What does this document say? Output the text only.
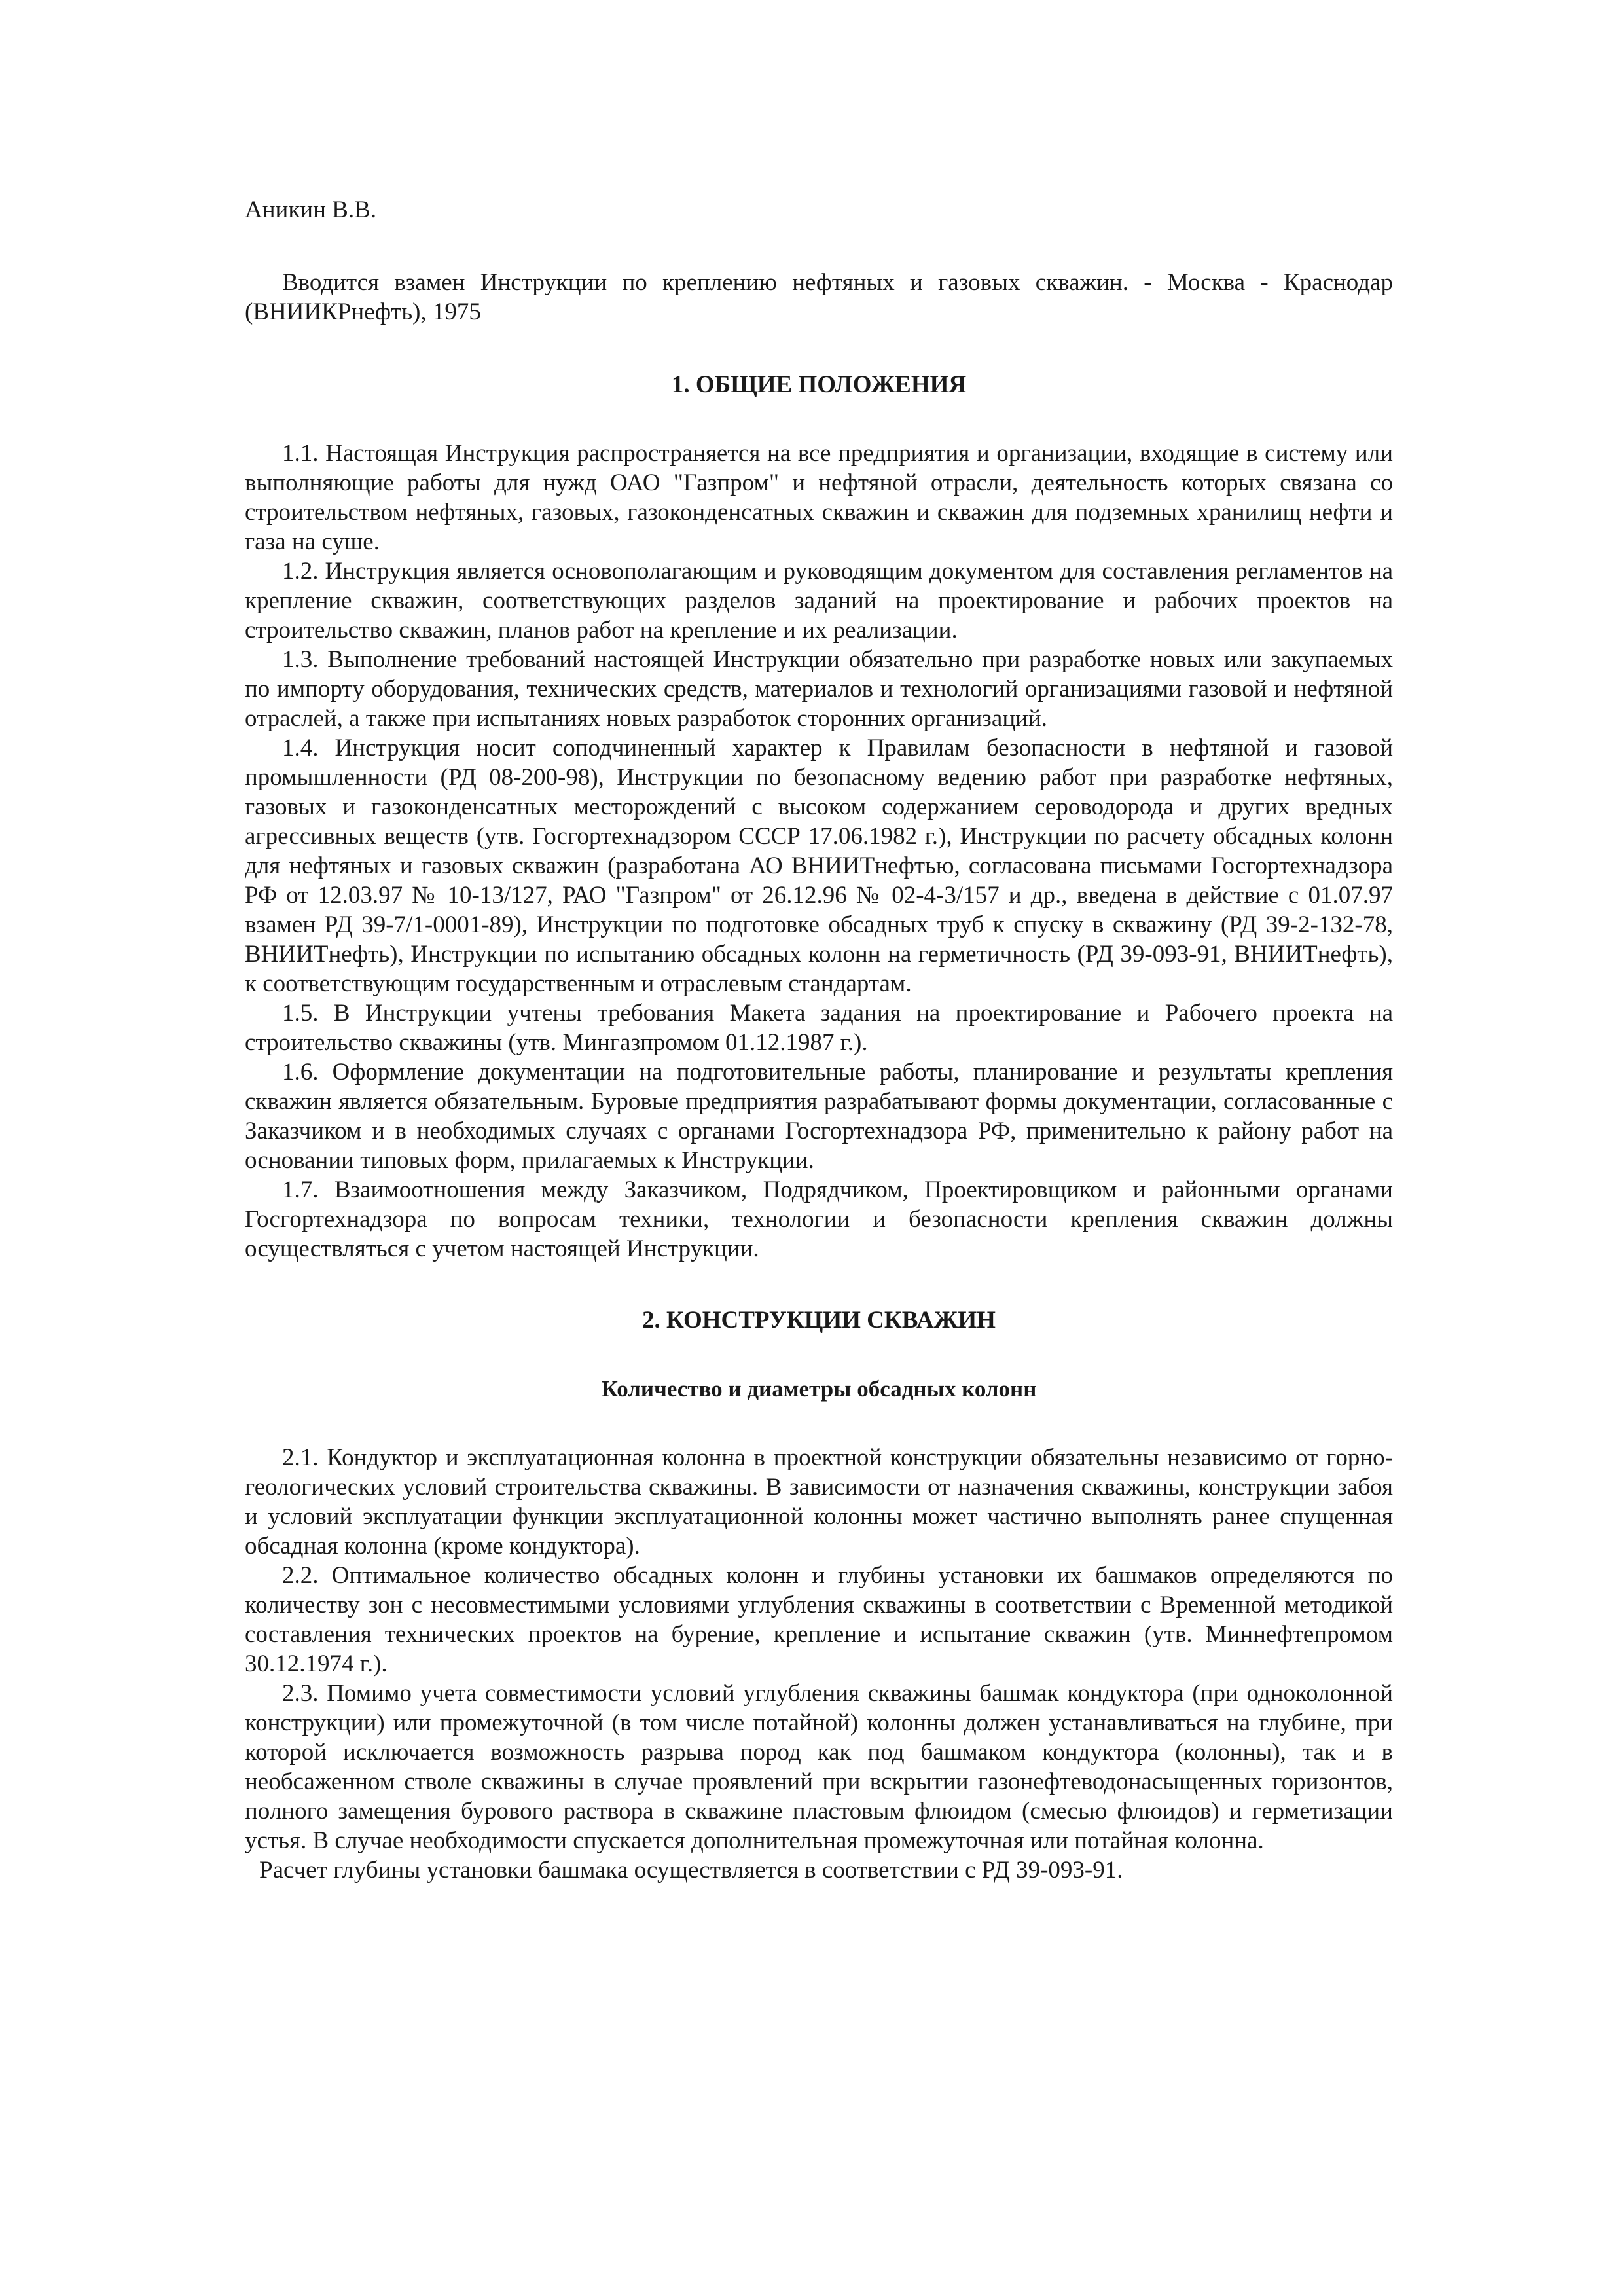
Аникин В.В.

Вводится взамен Инструкции по креплению нефтяных и газовых скважин. - Москва - Краснодар (ВНИИКРнефть), 1975

1. ОБЩИЕ ПОЛОЖЕНИЯ

1.1. Настоящая Инструкция распространяется на все предприятия и организации, входящие в систему или выполняющие работы для нужд ОАО "Газпром" и нефтяной отрасли, деятельность которых связана со строительством нефтяных, газовых, газоконденсатных скважин и скважин для подземных хранилищ нефти и газа на суше.

1.2. Инструкция является основополагающим и руководящим документом для составления регламентов на крепление скважин, соответствующих разделов заданий на проектирование и рабочих проектов на строительство скважин, планов работ на крепление и их реализации.

1.3. Выполнение требований настоящей Инструкции обязательно при разработке новых или закупаемых по импорту оборудования, технических средств, материалов и технологий организациями газовой и нефтяной отраслей, а также при испытаниях новых разработок сторонних организаций.

1.4. Инструкция носит соподчиненный характер к Правилам безопасности в нефтяной и газовой промышленности (РД 08-200-98), Инструкции по безопасному ведению работ при разработке нефтяных, газовых и газоконденсатных месторождений с высоком содержанием сероводорода и других вредных агрессивных веществ (утв. Госгортехнадзором СССР 17.06.1982 г.), Инструкции по расчету обсадных колонн для нефтяных и газовых скважин (разработана АО ВНИИТнефтью, согласована письмами Госгортехнадзора РФ от 12.03.97 № 10-13/127, РАО "Газпром" от 26.12.96 № 02-4-3/157 и др., введена в действие с 01.07.97 взамен РД 39-7/1-0001-89), Инструкции по подготовке обсадных труб к спуску в скважину (РД 39-2-132-78, ВНИИТнефть), Инструкции по испытанию обсадных колонн на герметичность (РД 39-093-91, ВНИИТнефть), к соответствующим государственным и отраслевым стандартам.

1.5. В Инструкции учтены требования Макета задания на проектирование и Рабочего проекта на строительство скважины (утв. Мингазпромом 01.12.1987 г.).

1.6. Оформление документации на подготовительные работы, планирование и результаты крепления скважин является обязательным. Буровые предприятия разрабатывают формы документации, согласованные с Заказчиком и в необходимых случаях с органами Госгортехнадзора РФ, применительно к району работ на основании типовых форм, прилагаемых к Инструкции.

1.7. Взаимоотношения между Заказчиком, Подрядчиком, Проектировщиком и районными органами Госгортехнадзора по вопросам техники, технологии и безопасности крепления скважин должны осуществляться с учетом настоящей Инструкции.

2. КОНСТРУКЦИИ СКВАЖИН
Количество и диаметры обсадных колонн

2.1. Кондуктор и эксплуатационная колонна в проектной конструкции обязательны независимо от горно-геологических условий строительства скважины. В зависимости от назначения скважины, конструкции забоя и условий эксплуатации функции эксплуатационной колонны может частично выполнять ранее спущенная обсадная колонна (кроме кондуктора).

2.2. Оптимальное количество обсадных колонн и глубины установки их башмаков определяются по количеству зон с несовместимыми условиями углубления скважины в соответствии с Временной методикой составления технических проектов на бурение, крепление и испытание скважин (утв. Миннефтепромом 30.12.1974 г.).

2.3. Помимо учета совместимости условий углубления скважины башмак кондуктора (при одноколонной конструкции) или промежуточной (в том числе потайной) колонны должен устанавливаться на глубине, при которой исключается возможность разрыва пород как под башмаком кондуктора (колонны), так и в необсаженном стволе скважины в случае проявлений при вскрытии газонефтеводонасыщенных горизонтов, полного замещения бурового раствора в скважине пластовым флюидом (смесью флюидов) и герметизации устья. В случае необходимости спускается дополнительная промежуточная или потайная колонна.

Расчет глубины установки башмака осуществляется в соответствии с РД 39-093-91.
